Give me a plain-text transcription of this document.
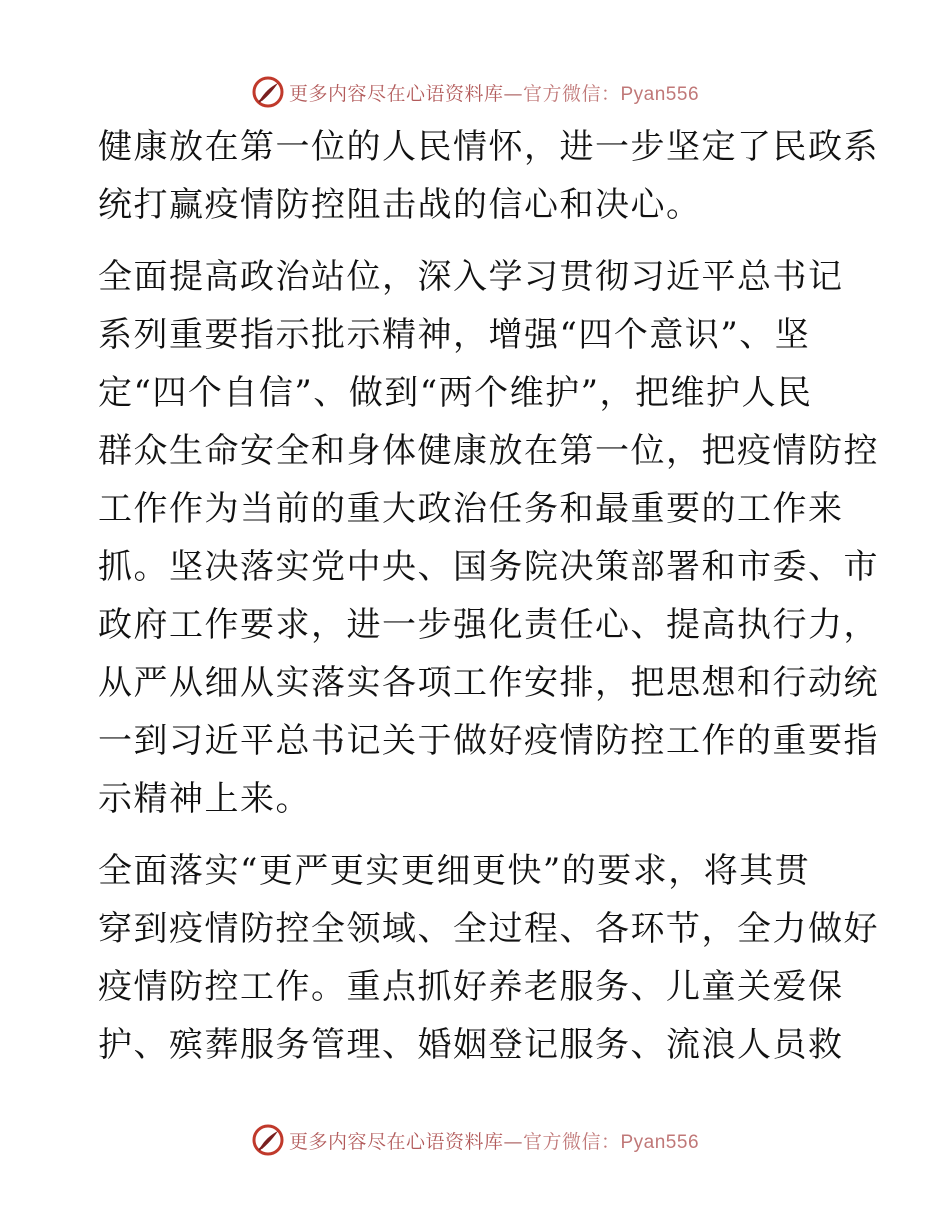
更多内容尽在心语资料库—官方微信：Pyan556
健康放在第一位的人民情怀，进一步坚定了民政系
统打赢疫情防控阻击战的信心和决心。
全面提高政治站位，深入学习贯彻习近平总书记
系列重要指示批示精神，增强“四个意识”、坚
定“四个自信”、做到“两个维护”，把维护人民
群众生命安全和身体健康放在第一位，把疫情防控
工作作为当前的重大政治任务和最重要的工作来
抓。坚决落实党中央、国务院决策部署和市委、市
政府工作要求，进一步强化责任心、提高执行力，
从严从细从实落实各项工作安排，把思想和行动统
一到习近平总书记关于做好疫情防控工作的重要指
示精神上来。
全面落实“更严更实更细更快”的要求，将其贯
穿到疫情防控全领域、全过程、各环节，全力做好
疫情防控工作。重点抓好养老服务、儿童关爱保
护、殡葬服务管理、婚姻登记服务、流浪人员救
更多内容尽在心语资料库—官方微信：Pyan556
